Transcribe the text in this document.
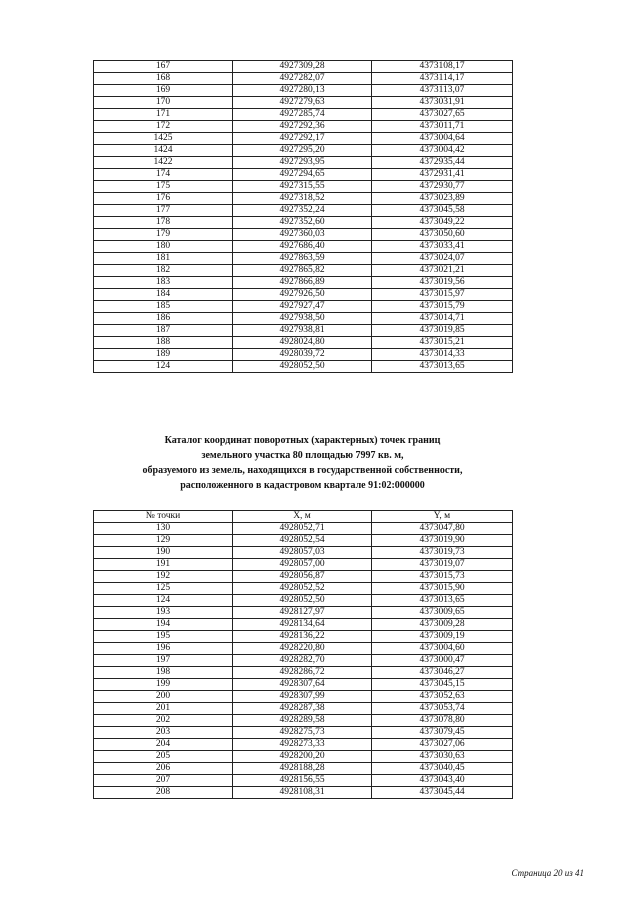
167	4927309,28	4373108,17
168	4927282,07	4373114,17
169	4927280,13	4373113,07
170	4927279,63	4373031,91
171	4927285,74	4373027,65
172	4927292,36	4373011,71
1425	4927292,17	4373004,64
1424	4927295,20	4373004,42
1422	4927293,95	4372935,44
174	4927294,65	4372931,41
175	4927315,55	4372930,77
176	4927318,52	4373023,89
177	4927352,24	4373045,58
178	4927352,60	4373049,22
179	4927360,03	4373050,60
180	4927686,40	4373033,41
181	4927863,59	4373024,07
182	4927865,82	4373021,21
183	4927866,89	4373019,56
184	4927926,50	4373015,97
185	4927927,47	4373015,79
186	4927938,50	4373014,71
187	4927938,81	4373019,85
188	4928024,80	4373015,21
189	4928039,72	4373014,33
124	4928052,50	4373013,65
Каталог координат поворотных (характерных) точек границ
земельного участка 80 площадью 7997 кв. м,
образуемого из земель, находящихся в государственной собственности,
расположенного в кадастровом квартале 91:02:000000
№ точки	X, м	Y, м
130	4928052,71	4373047,80
129	4928052,54	4373019,90
190	4928057,03	4373019,73
191	4928057,00	4373019,07
192	4928056,87	4373015,73
125	4928052,52	4373015,90
124	4928052,50	4373013,65
193	4928127,97	4373009,65
194	4928134,64	4373009,28
195	4928136,22	4373009,19
196	4928220,80	4373004,60
197	4928282,70	4373000,47
198	4928286,72	4373046,27
199	4928307,64	4373045,15
200	4928307,99	4373052,63
201	4928287,38	4373053,74
202	4928289,58	4373078,80
203	4928275,73	4373079,45
204	4928273,33	4373027,06
205	4928200,20	4373030,63
206	4928188,28	4373040,45
207	4928156,55	4373043,40
208	4928108,31	4373045,44
Страница 20 из 41
